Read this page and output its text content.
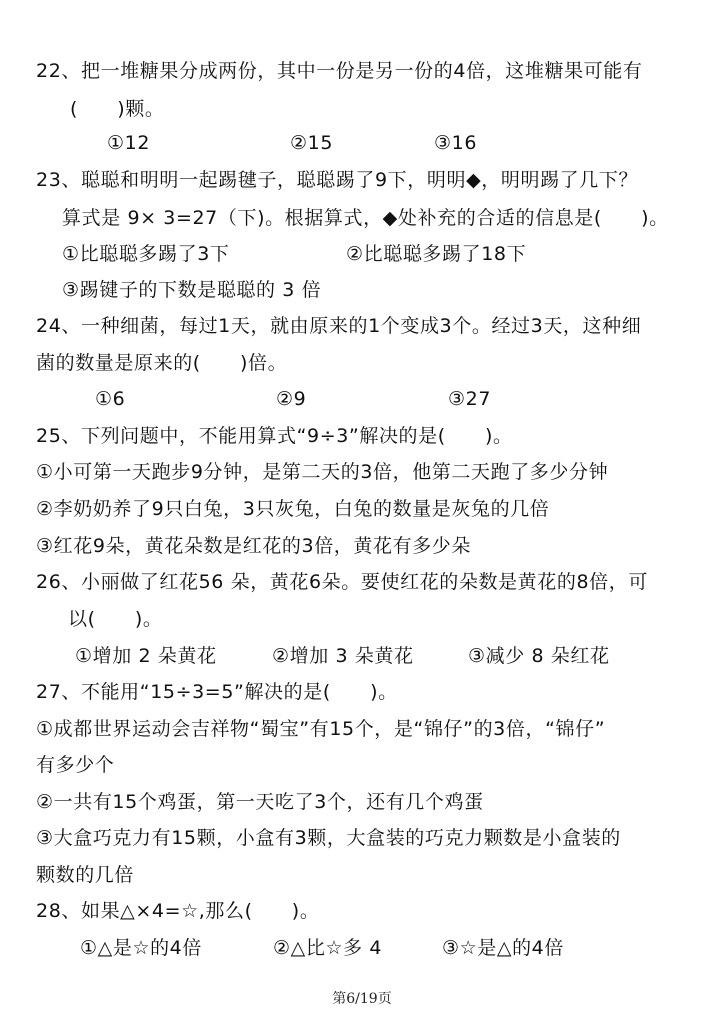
22、把一堆糖果分成两份，其中一份是另一份的4倍，这堆糖果可能有
(　　)颗。
①12	②15	③16
23、聪聪和明明一起踢毽子，聪聪踢了9下，明明◆，明明踢了几下？
算式是 9× 3=27（下)。根据算式，◆处补充的合适的信息是(　　)。
①比聪聪多踢了3下	②比聪聪多踢了18下
③踢键子的下数是聪聪的 3 倍
24、一种细菌，每过1天，就由原来的1个变成3个。经过3天，这种细
菌的数量是原来的(　　)倍。
①6	②9	③27
25、下列问题中，不能用算式“9÷3”解决的是(　　)。
①小可第一天跑步9分钟，是第二天的3倍，他第二天跑了多少分钟
②李奶奶养了9只白兔，3只灰兔，白兔的数量是灰兔的几倍
③红花9朵，黄花朵数是红花的3倍，黄花有多少朵
26、小丽做了红花56 朵，黄花6朵。要使红花的朵数是黄花的8倍，可
以(　　)。
①增加 2 朵黄花	②增加 3 朵黄花	③减少 8 朵红花
27、不能用“15÷3=5”解决的是(　　)。
①成都世界运动会吉祥物“蜀宝”有15个，是“锦仔”的3倍，“锦仔”
有多少个
②一共有15个鸡蛋，第一天吃了3个，还有几个鸡蛋
③大盒巧克力有15颗，小盒有3颗，大盒装的巧克力颗数是小盒装的
颗数的几倍
28、如果△×4=☆,那么(　　)。
①△是☆的4倍	②△比☆多 4	③☆是△的4倍
第6/19页
